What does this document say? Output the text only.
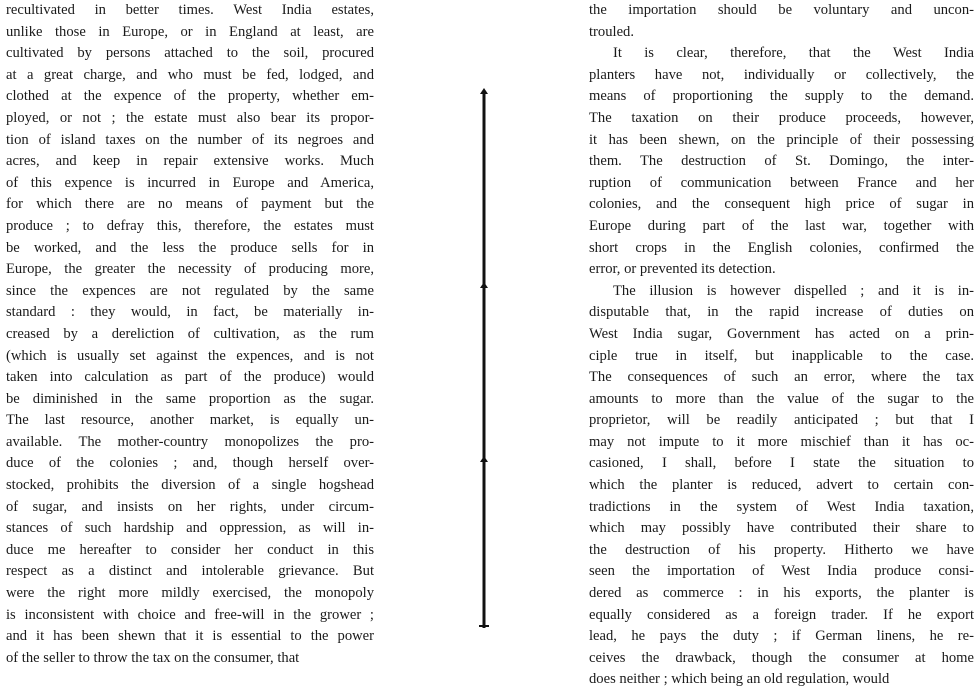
recultivated in better times. West India estates,
unlike those in Europe, or in England at least, are
cultivated by persons attached to the soil, procured
at a great charge, and who must be fed, lodged, and
clothed at the expence of the property, whether em-
ployed, or not ; the estate must also bear its propor-
tion of island taxes on the number of its negroes and
acres, and keep in repair extensive works. Much
of this expence is incurred in Europe and America,
for which there are no means of payment but the
produce ; to defray this, therefore, the estates must
be worked, and the less the produce sells for in
Europe, the greater the necessity of producing more,
since the expences are not regulated by the same
standard : they would, in fact, be materially in-
creased by a dereliction of cultivation, as the rum
(which is usually set against the expences, and is not
taken into calculation as part of the produce) would
be diminished in the same proportion as the sugar.
The last resource, another market, is equally un-
available. The mother-country monopolizes the pro-
duce of the colonies ; and, though herself over-
stocked, prohibits the diversion of a single hogshead
of sugar, and insists on her rights, under circum-
stances of such hardship and oppression, as will in-
duce me hereafter to consider her conduct in this
respect as a distinct and intolerable grievance. But
were the right more mildly exercised, the monopoly
is inconsistent with choice and free-will in the grower ;
and it has been shewn that it is essential to the power
of the seller to throw the tax on the consumer, that
the importation should be voluntary and uncon-
trouled.
It is clear, therefore, that the West India
planters have not, individually or collectively, the
means of proportioning the supply to the demand.
The taxation on their produce proceeds, however,
it has been shewn, on the principle of their possessing
them. The destruction of St. Domingo, the inter-
ruption of communication between France and her
colonies, and the consequent high price of sugar in
Europe during part of the last war, together with
short crops in the English colonies, confirmed the
error, or prevented its detection.
The illusion is however dispelled ; and it is in-
disputable that, in the rapid increase of duties on
West India sugar, Government has acted on a prin-
ciple true in itself, but inapplicable to the case.
The consequences of such an error, where the tax
amounts to more than the value of the sugar to the
proprietor, will be readily anticipated ; but that I
may not impute to it more mischief than it has oc-
casioned, I shall, before I state the situation to
which the planter is reduced, advert to certain con-
tradictions in the system of West India taxation,
which may possibly have contributed their share to
the destruction of his property. Hitherto we have
seen the importation of West India produce consi-
dered as commerce : in his exports, the planter is
equally considered as a foreign trader. If he export
lead, he pays the duty ; if German linens, he re-
ceives the drawback, though the consumer at home
does neither ; which being an old regulation, would
